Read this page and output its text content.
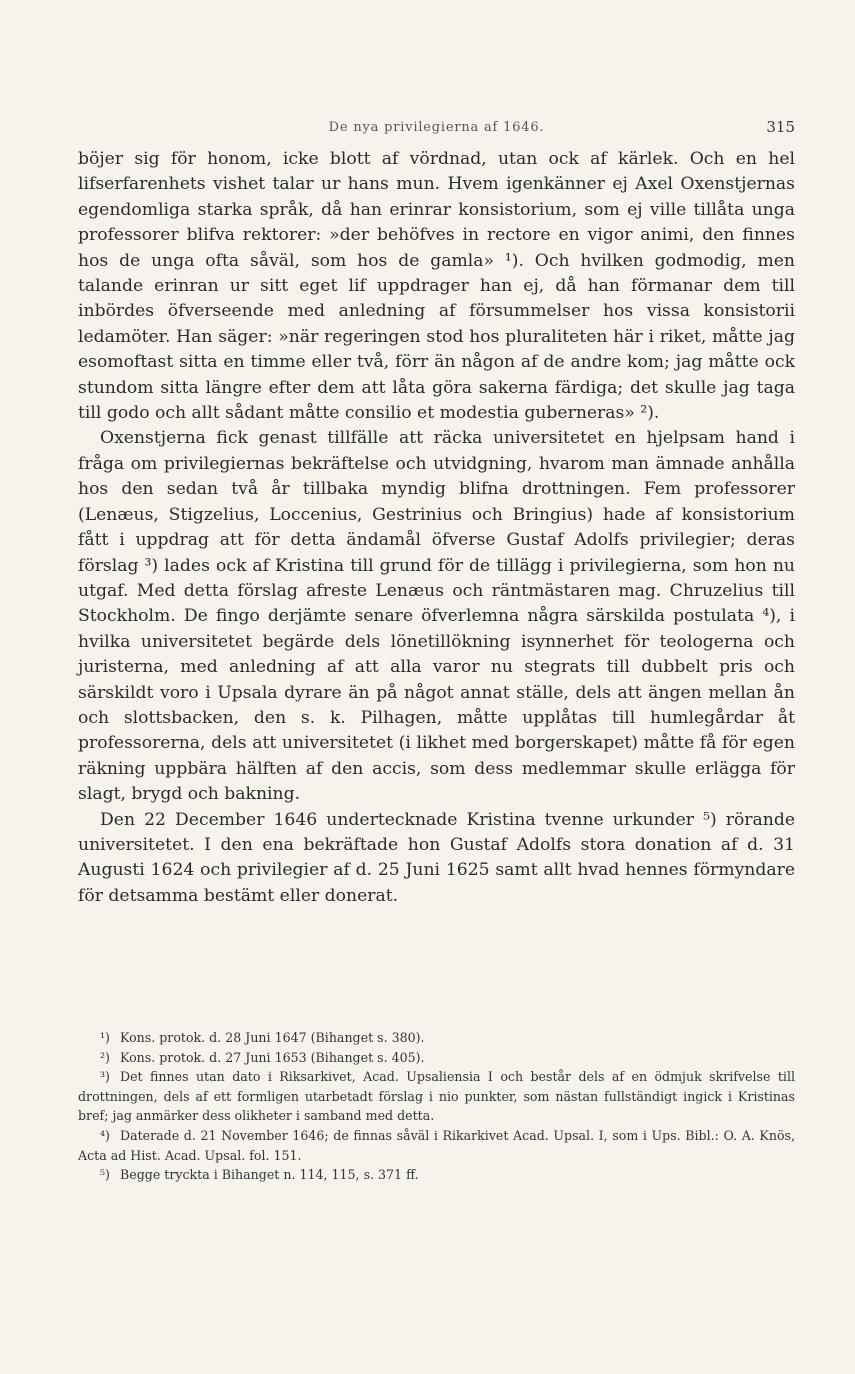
De nya privilegierna af 1646.	315

böjer sig för honom, icke blott af vördnad, utan ock af kärlek. Och en hel lifserfarenhets vishet talar ur hans mun. Hvem igenkänner ej Axel Oxenstjernas egendomliga starka språk, då han erinrar konsistorium, som ej ville tillåta unga professorer blifva rektorer: »der behöfves in rectore en vigor animi, den finnes hos de unga ofta såväl, som hos de gamla» ¹). Och hvilken godmodig, men talande erinran ur sitt eget lif uppdrager han ej, då han förmanar dem till inbördes öfverseende med anledning af försummelser hos vissa konsistorii ledamöter. Han säger: »när regeringen stod hos pluraliteten här i riket, måtte jag esomoftast sitta en timme eller två, förr än någon af de andre kom; jag måtte ock stundom sitta längre efter dem att låta göra sakerna färdiga; det skulle jag taga till godo och allt sådant måtte consilio et modestia guberneras» ²).

Oxenstjerna fick genast tillfälle att räcka universitetet en hjelpsam hand i fråga om privilegiernas bekräftelse och utvidgning, hvarom man ämnade anhålla hos den sedan två år tillbaka myndig blifna drottningen. Fem professorer (Lenæus, Stigzelius, Loccenius, Gestrinius och Bringius) hade af konsistorium fått i uppdrag att för detta ändamål öfverse Gustaf Adolfs privilegier; deras förslag ³) lades ock af Kristina till grund för de tillägg i privilegierna, som hon nu utgaf. Med detta förslag afreste Lenæus och räntmästaren mag. Chruzelius till Stockholm. De fingo derjämte senare öfverlemna några särskilda postulata ⁴), i hvilka universitetet begärde dels lönetillökning isynnerhet för teologerna och juristerna, med anledning af att alla varor nu stegrats till dubbelt pris och särskildt voro i Upsala dyrare än på något annat ställe, dels att ängen mellan ån och slottsbacken, den s. k. Pilhagen, måtte upplåtas till humlegårdar åt professorerna, dels att universitetet (i likhet med borgerskapet) måtte få för egen räkning uppbära hälften af den accis, som dess medlemmar skulle erlägga för slagt, brygd och bakning.

Den 22 December 1646 undertecknade Kristina tvenne urkunder ⁵) rörande universitetet. I den ena bekräftade hon Gustaf Adolfs stora donation af d. 31 Augusti 1624 och privilegier af d. 25 Juni 1625 samt allt hvad hennes förmyndare för detsamma bestämt eller donerat.

¹) Kons. protok. d. 28 Juni 1647 (Bihanget s. 380).

²) Kons. protok. d. 27 Juni 1653 (Bihanget s. 405).

³) Det finnes utan dato i Riksarkivet, Acad. Upsaliensia I och består dels af en ödmjuk skrifvelse till drottningen, dels af ett formligen utarbetadt förslag i nio punkter, som nästan fullständigt ingick i Kristinas bref; jag anmärker dess olikheter i samband med detta.

⁴) Daterade d. 21 November 1646; de finnas såväl i Rikarkivet Acad. Upsal. I, som i Ups. Bibl.: O. A. Knös, Acta ad Hist. Acad. Upsal. fol. 151.

⁵) Begge tryckta i Bihanget n. 114, 115, s. 371 ff.
